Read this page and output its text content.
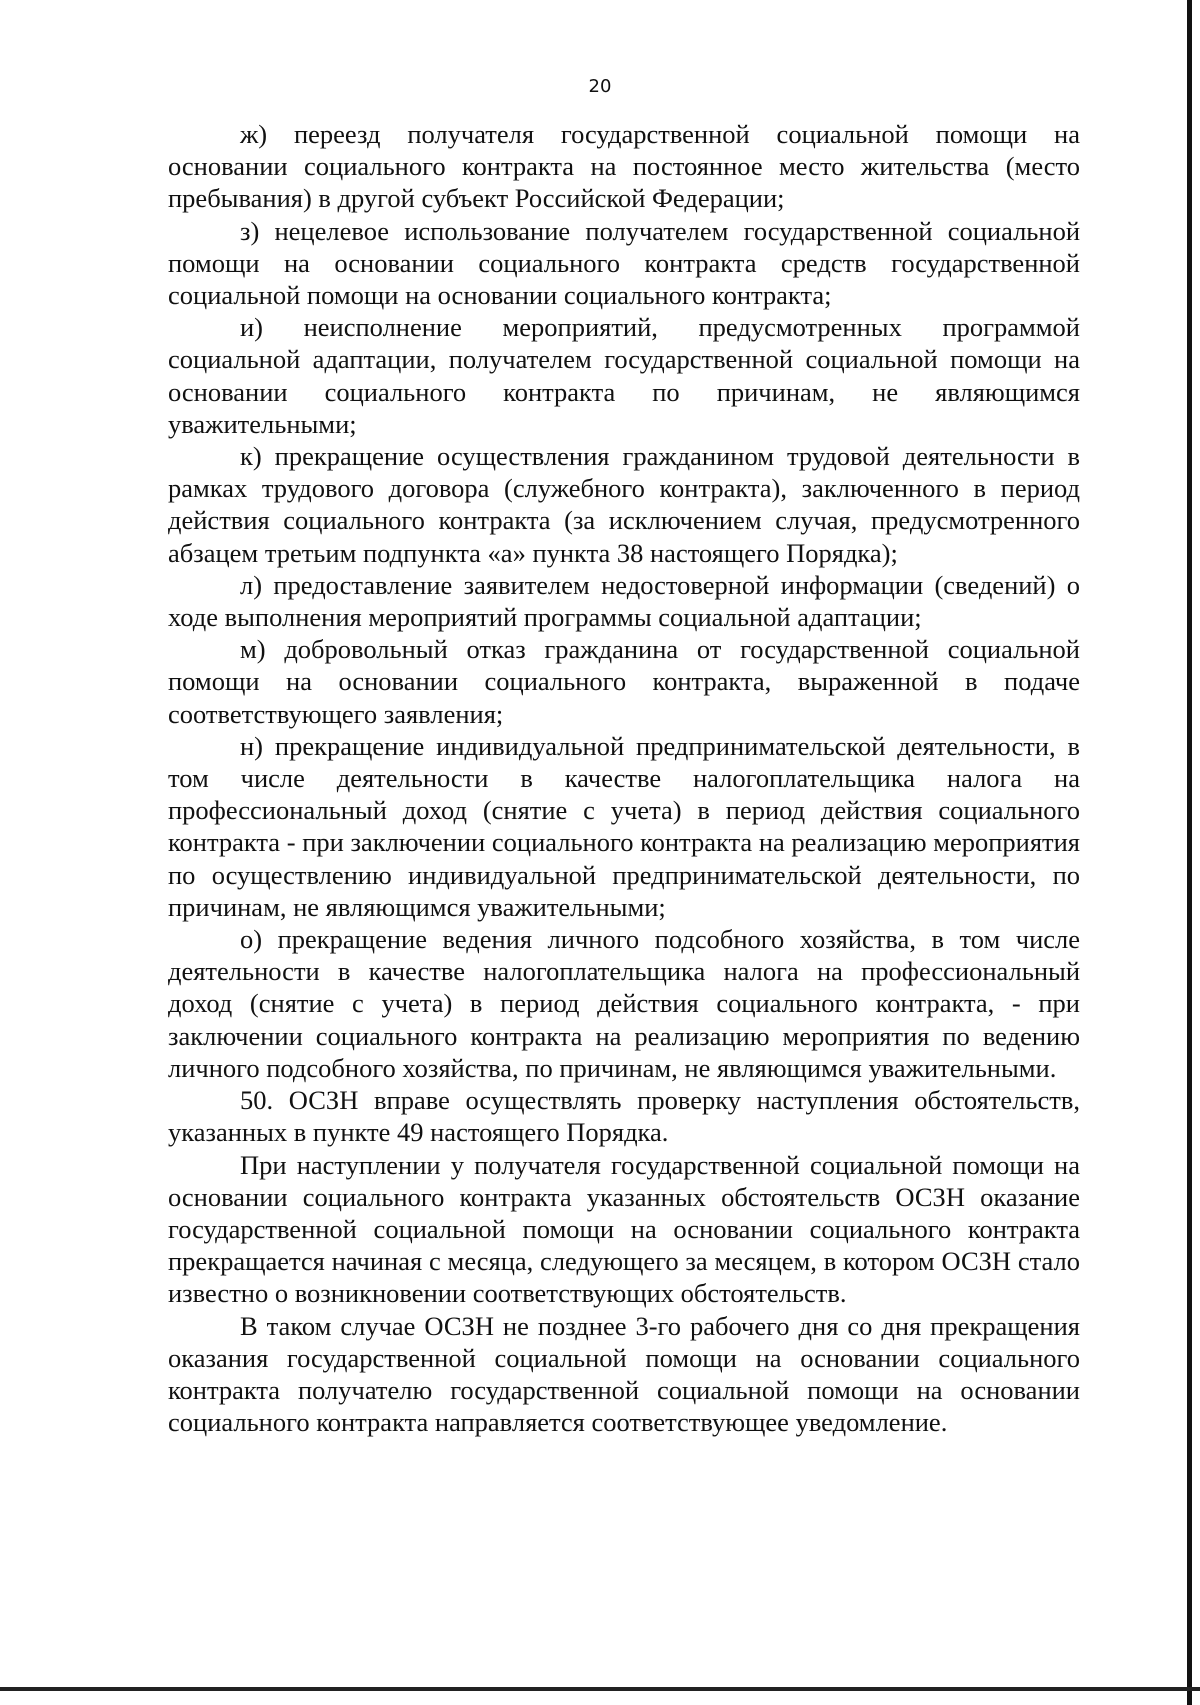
20

ж) переезд получателя государственной социальной помощи на основании социального контракта на постоянное место жительства (место пребывания) в другой субъект Российской Федерации;

з) нецелевое использование получателем государственной социальной помощи на основании социального контракта средств государственной социальной помощи на основании социального контракта;

и) неисполнение мероприятий, предусмотренных программой социальной адаптации, получателем государственной социальной помощи на основании социального контракта по причинам, не являющимся уважительными;

к) прекращение осуществления гражданином трудовой деятельности в рамках трудового договора (служебного контракта), заключенного в период действия социального контракта (за исключением случая, предусмотренного абзацем третьим подпункта «а» пункта 38 настоящего Порядка);

л) предоставление заявителем недостоверной информации (сведений) о ходе выполнения мероприятий программы социальной адаптации;

м) добровольный отказ гражданина от государственной социальной помощи на основании социального контракта, выраженной в подаче соответствующего заявления;

н) прекращение индивидуальной предпринимательской деятельности, в том числе деятельности в качестве налогоплательщика налога на профессиональный доход (снятие с учета) в период действия социального контракта - при заключении социального контракта на реализацию мероприятия по осуществлению индивидуальной предпринимательской деятельности, по причинам, не являющимся уважительными;

о) прекращение ведения личного подсобного хозяйства, в том числе деятельности в качестве налогоплательщика налога на профессиональный доход (снятие с учета) в период действия социального контракта, - при заключении социального контракта на реализацию мероприятия по ведению личного подсобного хозяйства, по причинам, не являющимся уважительными.

50. ОСЗН вправе осуществлять проверку наступления обстоятельств, указанных в пункте 49 настоящего Порядка.

При наступлении у получателя государственной социальной помощи на основании социального контракта указанных обстоятельств ОСЗН оказание государственной социальной помощи на основании социального контракта прекращается начиная с месяца, следующего за месяцем, в котором ОСЗН стало известно о возникновении соответствующих обстоятельств.

В таком случае ОСЗН не позднее 3-го рабочего дня со дня прекращения оказания государственной социальной помощи на основании социального контракта получателю государственной социальной помощи на основании социального контракта направляется соответствующее уведомление.
